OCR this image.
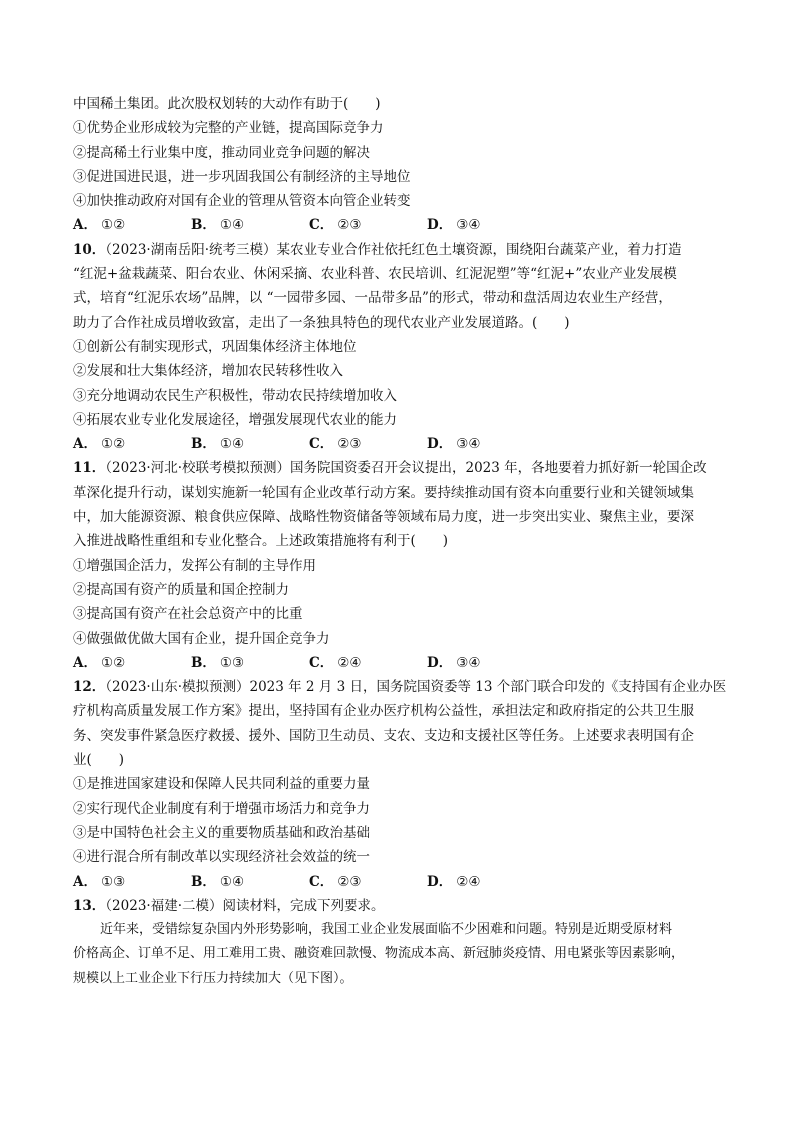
中国稀土集团。此次股权划转的大动作有助于(　　)
①优势企业形成较为完整的产业链，提高国际竞争力
②提高稀土行业集中度，推动同业竞争问题的解决
③促进国进民退，进一步巩固我国公有制经济的主导地位
④加快推动政府对国有企业的管理从管资本向管企业转变
A． ①②	B． ①④	C． ②③	D． ③④
10．（2023·湖南岳阳·统考三模）某农业专业合作社依托红色土壤资源，围绕阳台蔬菜产业，着力打造
“红泥+盆栽蔬菜、阳台农业、休闲采摘、农业科普、农民培训、红泥泥塑”等“红泥+”农业产业发展模
式，培育“红泥乐农场”品牌，以 “一园带多园、一品带多品”的形式，带动和盘活周边农业生产经营，
助力了合作社成员增收致富，走出了一条独具特色的现代农业产业发展道路。(　　)
①创新公有制实现形式，巩固集体经济主体地位
②发展和壮大集体经济，增加农民转移性收入
③充分地调动农民生产积极性，带动农民持续增加收入
④拓展农业专业化发展途径，增强发展现代农业的能力
A． ①②	B． ①④	C． ②③	D． ③④
11．（2023·河北·校联考模拟预测）国务院国资委召开会议提出，2023 年，各地要着力抓好新一轮国企改
革深化提升行动，谋划实施新一轮国有企业改革行动方案。要持续推动国有资本向重要行业和关键领域集
中，加大能源资源、粮食供应保障、战略性物资储备等领域布局力度，进一步突出实业、聚焦主业，要深
入推进战略性重组和专业化整合。上述政策措施将有利于(　　)
①增强国企活力，发挥公有制的主导作用
②提高国有资产的质量和国企控制力
③提高国有资产在社会总资产中的比重
④做强做优做大国有企业，提升国企竞争力
A． ①②	B． ①③	C． ②④	D． ③④
12．（2023·山东·模拟预测）2023 年 2 月 3 日，国务院国资委等 13 个部门联合印发的《支持国有企业办医
疗机构高质量发展工作方案》提出，坚持国有企业办医疗机构公益性，承担法定和政府指定的公共卫生服
务、突发事件紧急医疗救援、援外、国防卫生动员、支农、支边和支援社区等任务。上述要求表明国有企
业(　　)
①是推进国家建设和保障人民共同利益的重要力量
②实行现代企业制度有利于增强市场活力和竞争力
③是中国特色社会主义的重要物质基础和政治基础
④进行混合所有制改革以实现经济社会效益的统一
A． ①③	B． ①④	C． ②③	D． ②④
13．（2023·福建·二模）阅读材料，完成下列要求。
近年来，受错综复杂国内外形势影响，我国工业企业发展面临不少困难和问题。特别是近期受原材料
价格高企、订单不足、用工难用工贵、融资难回款慢、物流成本高、新冠肺炎疫情、用电紧张等因素影响，
规模以上工业企业下行压力持续加大（见下图）。
